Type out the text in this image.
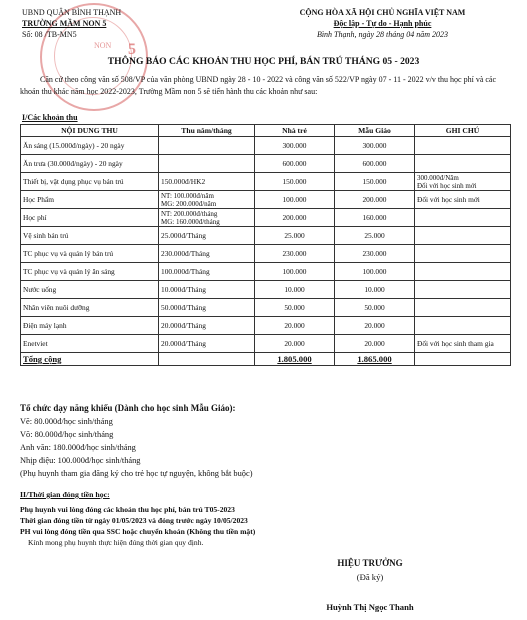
NON 5
UBND QUẬN BÌNH THẠNH
TRƯỜNG MẦM NON 5
Số: 08 /TB-MN5
CỘNG HÒA XÃ HỘI CHỦ NGHĨA VIỆT NAM
Độc lập - Tự do - Hạnh phúc
Bình Thạnh, ngày 28 tháng 04 năm 2023
THÔNG BÁO CÁC KHOẢN THU HỌC PHÍ, BÁN TRÚ THÁNG 05 - 2023
Căn cứ theo công văn số 508/VP của văn phòng UBND ngày 28 - 10 - 2022 và công văn số 522/VP ngày 07 - 11 - 2022 v/v thu học phí và các khoản thu khác năm học 2022-2023, Trường Mầm non 5 sẽ tiến hành thu các khoản như sau:
I/Các khoản thu
NỘI DUNG THU	Thu năm/tháng	Nhà trẻ	Mẫu Giáo	GHI CHÚ
Ăn sáng (15.000đ/ngày) - 20 ngày		300.000	300.000	
Ăn trưa (30.000đ/ngày) - 20 ngày		600.000	600.000	
Thiết bị, vật dụng phục vụ bán trú	150.000đ/HK2	150.000	150.000	300.000đ/Năm
Đối với học sinh mới
Học Phẩm	NT: 100.000đ/năm
MG: 200.000đ/năm	100.000	200.000	Đối với học sinh mới
Học phí	NT: 200.000đ/tháng
MG: 160.000đ/tháng	200.000	160.000	
Vệ sinh bán trú	25.000đ/Tháng	25.000	25.000	
TC phục vụ và quản lý bán trú	230.000đ/Tháng	230.000	230.000	
TC phục vụ và quản lý ăn sáng	100.000đ/Tháng	100.000	100.000	
Nước uống	10.000đ/Tháng	10.000	10.000	
Nhân viên nuôi dưỡng	50.000đ/Tháng	50.000	50.000	
Điện máy lạnh	20.000đ/Tháng	20.000	20.000	
Enetviet	20.000đ/Tháng	20.000	20.000	Đối với học sinh tham gia
Tổng cộng		1.805.000	1.865.000	
Tổ chức dạy năng khiếu (Dành cho học sinh Mẫu Giáo):
Vẽ: 80.000đ/học sinh/tháng
Võ: 80.000đ/học sinh/tháng
Anh văn: 180.000đ/học sinh/tháng
Nhịp điệu: 100.000đ/học sinh/tháng
(Phụ huynh tham gia đăng ký cho trẻ học tự nguyện, không bắt buộc)
II/Thời gian đóng tiền học:
Phụ huynh vui lòng đóng các khoản thu học phí, bán trú T05-2023
Thời gian đóng tiền từ ngày 01/05/2023 và đóng trước ngày 10/05/2023
PH vui lòng đóng tiền qua SSC hoặc chuyển khoản (Không thu tiền mặt)
Kính mong phụ huynh thực hiện đúng thời gian quy định.
HIỆU TRƯỞNG
(Đã ký)
Huỳnh Thị Ngọc Thanh
